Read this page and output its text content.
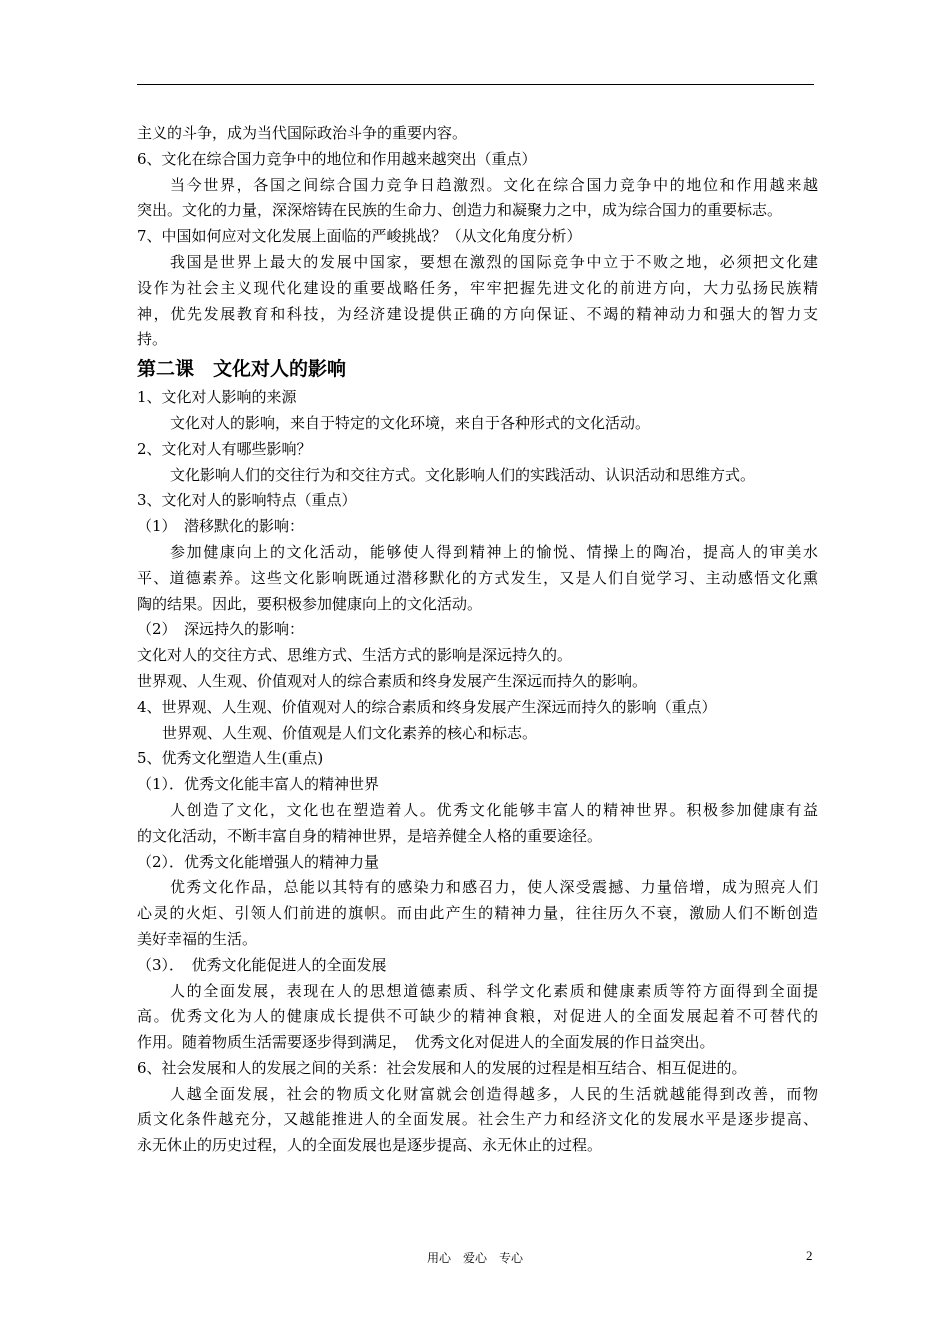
主义的斗争，成为当代国际政治斗争的重要内容。
6、文化在综合国力竞争中的地位和作用越来越突出（重点）
当今世界，各国之间综合国力竞争日趋激烈。文化在综合国力竞争中的地位和作用越来越
突出。文化的力量，深深熔铸在民族的生命力、创造力和凝聚力之中，成为综合国力的重要标志。
7、中国如何应对文化发展上面临的严峻挑战？（从文化角度分析）
我国是世界上最大的发展中国家，要想在激烈的国际竞争中立于不败之地，必须把文化建
设作为社会主义现代化建设的重要战略任务，牢牢把握先进文化的前进方向，大力弘扬民族精
神，优先发展教育和科技，为经济建设提供正确的方向保证、不竭的精神动力和强大的智力支
持。
第二课　文化对人的影响
1、文化对人影响的来源
文化对人的影响，来自于特定的文化环境，来自于各种形式的文化活动。
2、文化对人有哪些影响？
文化影响人们的交往行为和交往方式。文化影响人们的实践活动、认识活动和思维方式。
3、文化对人的影响特点（重点）
（1）　潜移默化的影响：
参加健康向上的文化活动，能够使人得到精神上的愉悦、情操上的陶冶，提高人的审美水
平、道德素养。这些文化影响既通过潜移默化的方式发生，又是人们自觉学习、主动感悟文化熏
陶的结果。因此，要积极参加健康向上的文化活动。
（2）　深远持久的影响：
文化对人的交往方式、思维方式、生活方式的影响是深远持久的。
世界观、人生观、价值观对人的综合素质和终身发展产生深远而持久的影响。
4、世界观、人生观、价值观对人的综合素质和终身发展产生深远而持久的影响（重点）
世界观、人生观、价值观是人们文化素养的核心和标志。
5、优秀文化塑造人生(重点)
（1）．优秀文化能丰富人的精神世界
人创造了文化，文化也在塑造着人。优秀文化能够丰富人的精神世界。积极参加健康有益
的文化活动，不断丰富自身的精神世界，是培养健全人格的重要途径。
（2）．优秀文化能增强人的精神力量
优秀文化作品，总能以其特有的感染力和感召力，使人深受震撼、力量倍增，成为照亮人们
心灵的火炬、引领人们前进的旗帜。而由此产生的精神力量，往往历久不衰，激励人们不断创造
美好幸福的生活。
（3）．　优秀文化能促进人的全面发展
人的全面发展，表现在人的思想道德素质、科学文化素质和健康素质等符方面得到全面提
高。优秀文化为人的健康成长提供不可缺少的精神食粮，对促进人的全面发展起着不可替代的
作用。随着物质生活需要逐步得到满足，　优秀文化对促进人的全面发展的作日益突出。
6、社会发展和人的发展之间的关系：社会发展和人的发展的过程是相互结合、相互促进的。
人越全面发展，社会的物质文化财富就会创造得越多，人民的生活就越能得到改善，而物
质文化条件越充分，又越能推进人的全面发展。社会生产力和经济文化的发展水平是逐步提高、
永无休止的历史过程，人的全面发展也是逐步提高、永无休止的过程。
用心　爱心　专心	2
